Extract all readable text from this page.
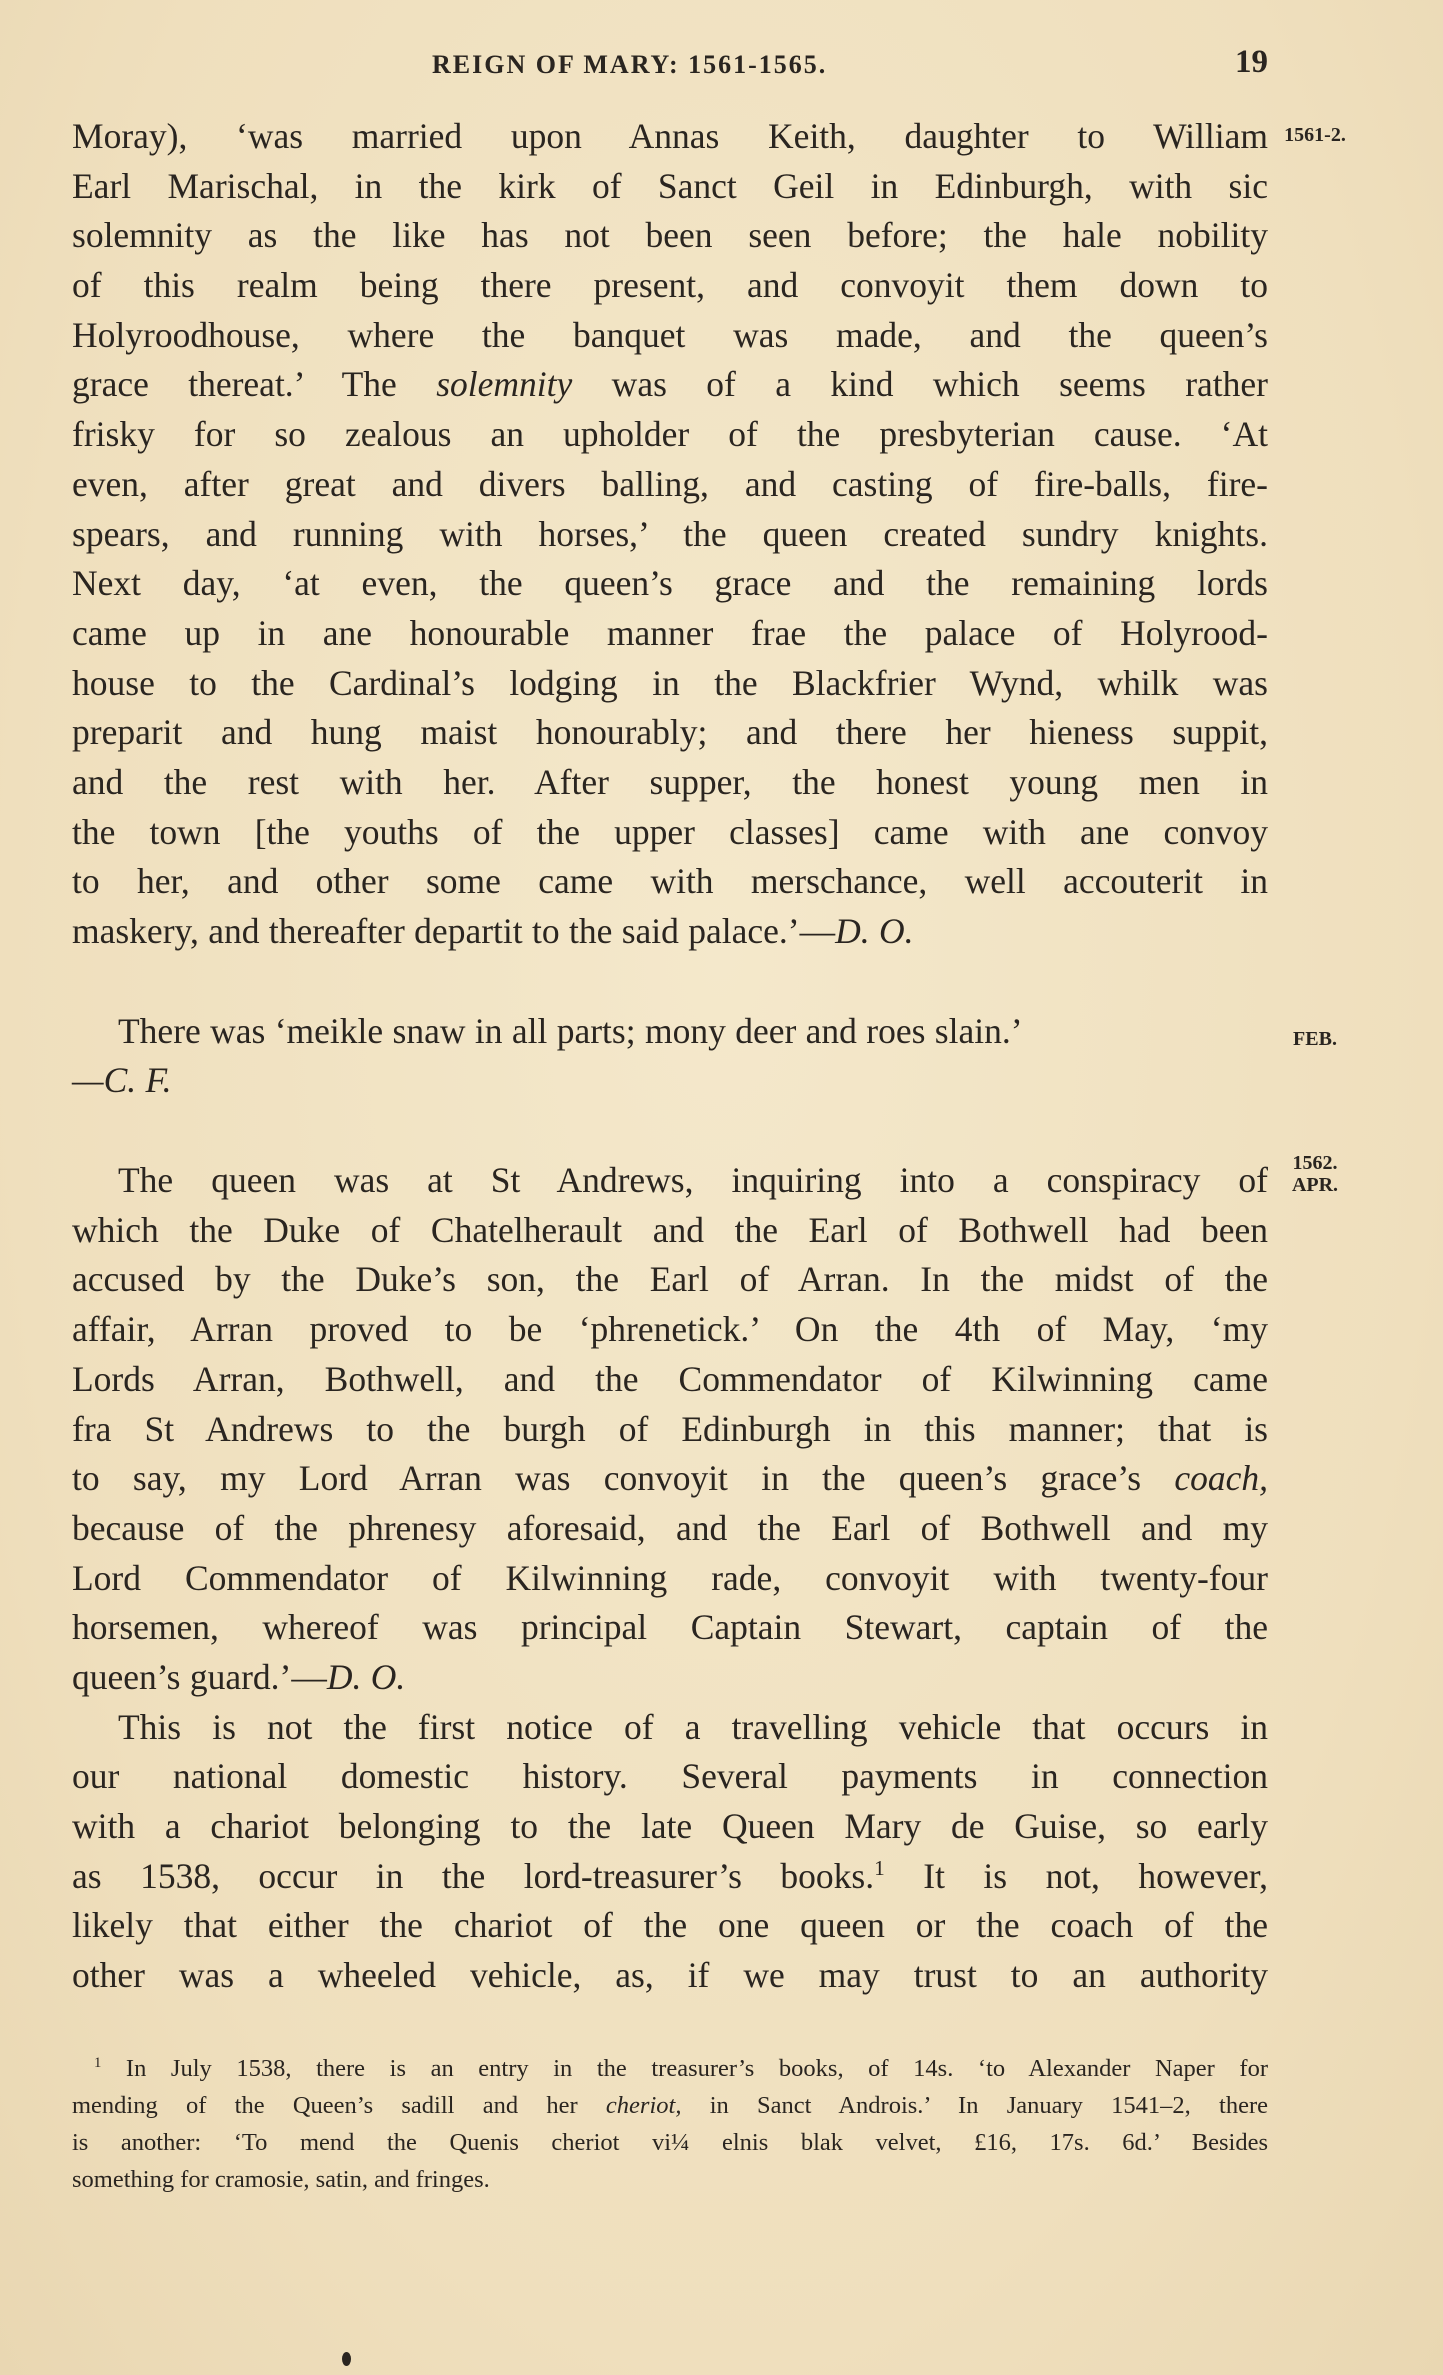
REIGN OF MARY: 1561-1565.	19
1561-2.
FEB.
1562.
APR.
Moray), ‘was married upon Annas Keith, daughter to William
Earl Marischal, in the kirk of Sanct Geil in Edinburgh, with sic
solemnity as the like has not been seen before; the hale nobility
of this realm being there present, and convoyit them down to
Holyroodhouse, where the banquet was made, and the queen’s
grace thereat.’ The solemnity was of a kind which seems rather
frisky for so zealous an upholder of the presbyterian cause. ‘At
even, after great and divers balling, and casting of fire-balls, fire-
spears, and running with horses,’ the queen created sundry knights.
Next day, ‘at even, the queen’s grace and the remaining lords
came up in ane honourable manner frae the palace of Holyrood-
house to the Cardinal’s lodging in the Blackfrier Wynd, whilk was
preparit and hung maist honourably; and there her hieness suppit,
and the rest with her. After supper, the honest young men in
the town [the youths of the upper classes] came with ane convoy
to her, and other some came with merschance, well accouterit in
maskery, and thereafter departit to the said palace.’—D. O.
There was ‘meikle snaw in all parts; mony deer and roes slain.’
—C. F.
The queen was at St Andrews, inquiring into a conspiracy of
which the Duke of Chatelherault and the Earl of Bothwell had been
accused by the Duke’s son, the Earl of Arran. In the midst of the
affair, Arran proved to be ‘phrenetick.’ On the 4th of May, ‘my
Lords Arran, Bothwell, and the Commendator of Kilwinning came
fra St Andrews to the burgh of Edinburgh in this manner; that is
to say, my Lord Arran was convoyit in the queen’s grace’s coach,
because of the phrenesy aforesaid, and the Earl of Bothwell and my
Lord Commendator of Kilwinning rade, convoyit with twenty-four
horsemen, whereof was principal Captain Stewart, captain of the
queen’s guard.’—D. O.
This is not the first notice of a travelling vehicle that occurs in
our national domestic history. Several payments in connection
with a chariot belonging to the late Queen Mary de Guise, so early
as 1538, occur in the lord-treasurer’s books.$^1$ It is not, however,
likely that either the chariot of the one queen or the coach of the
other was a wheeled vehicle, as, if we may trust to an authority
$^1$ In July 1538, there is an entry in the treasurer’s books, of 14s. ‘to Alexander Naper for
mending of the Queen’s sadill and her cheriot, in Sanct Androis.’ In January 1541–2, there
is another: ‘To mend the Quenis cheriot vi¼ elnis blak velvet, £16, 17s. 6d.’ Besides
something for cramosie, satin, and fringes.
